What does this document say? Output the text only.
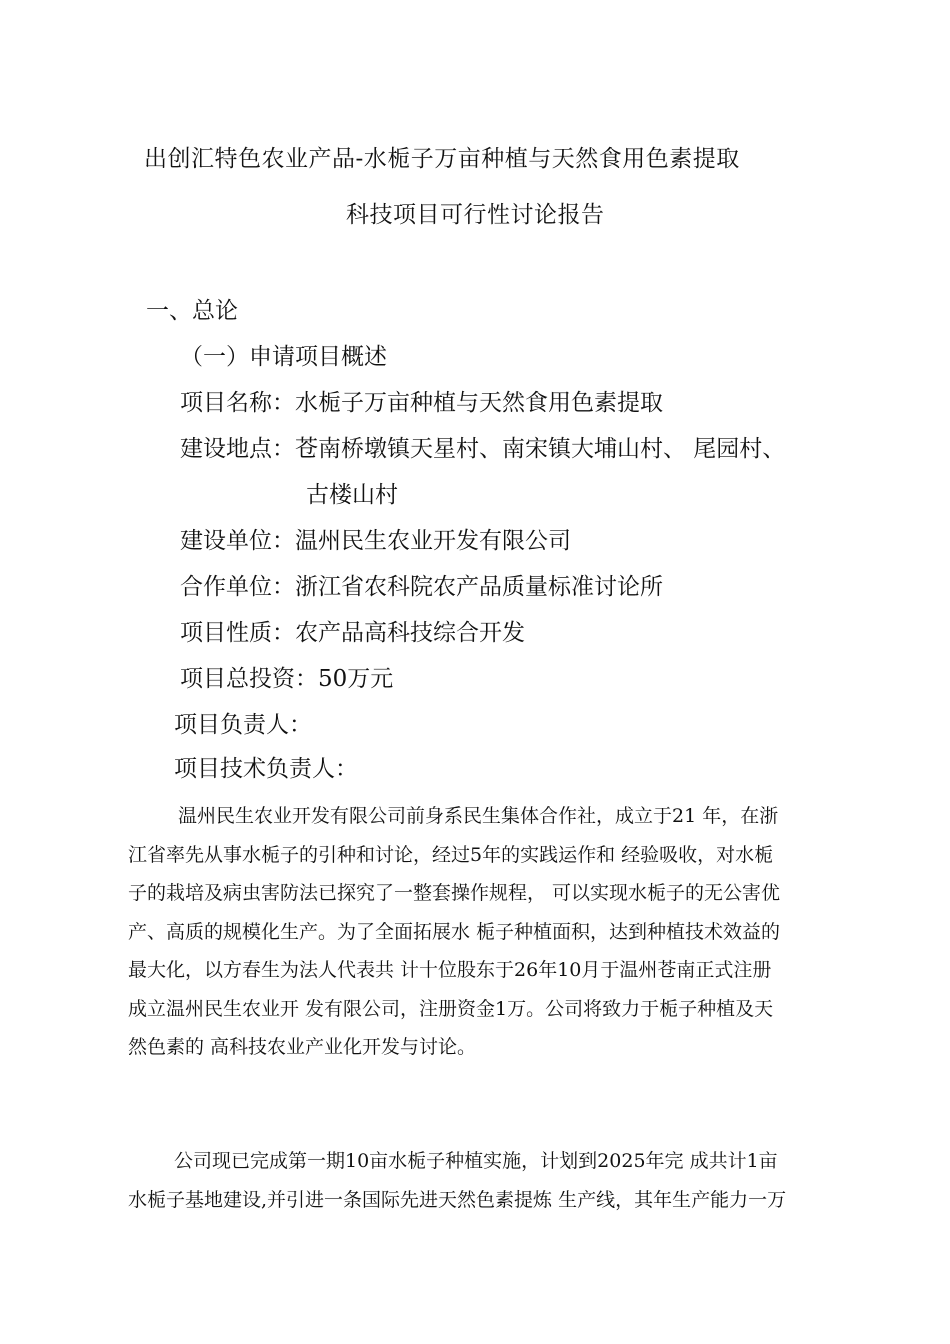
出创汇特色农业产品-水栀子万亩种植与天然食用色素提取
科技项目可行性讨论报告
一、总论
（一）申请项目概述
项目名称：水栀子万亩种植与天然食用色素提取
建设地点：苍南桥墩镇天星村、南宋镇大埔山村、 尾园村、
古楼山村
建设单位：温州民生农业开发有限公司
合作单位：浙江省农科院农产品质量标准讨论所
项目性质：农产品高科技综合开发
项目总投资：50万元
项目负责人：
项目技术负责人：
温州民生农业开发有限公司前身系民生集体合作社，成立于21 年，在浙
江省率先从事水栀子的引种和讨论，经过5年的实践运作和 经验吸收，对水栀
子的栽培及病虫害防法已探究了一整套操作规程， 可以实现水栀子的无公害优
产、高质的规模化生产。为了全面拓展水 栀子种植面积，达到种植技术效益的
最大化，以方春生为法人代表共 计十位股东于26年10月于温州苍南正式注册
成立温州民生农业开 发有限公司，注册资金1万。公司将致力于栀子种植及天
然色素的 高科技农业产业化开发与讨论。
公司现已完成第一期10亩水栀子种植实施，计划到2025年完 成共计1亩
水栀子基地建设,并引进一条国际先进天然色素提炼 生产线，其年生产能力一万
